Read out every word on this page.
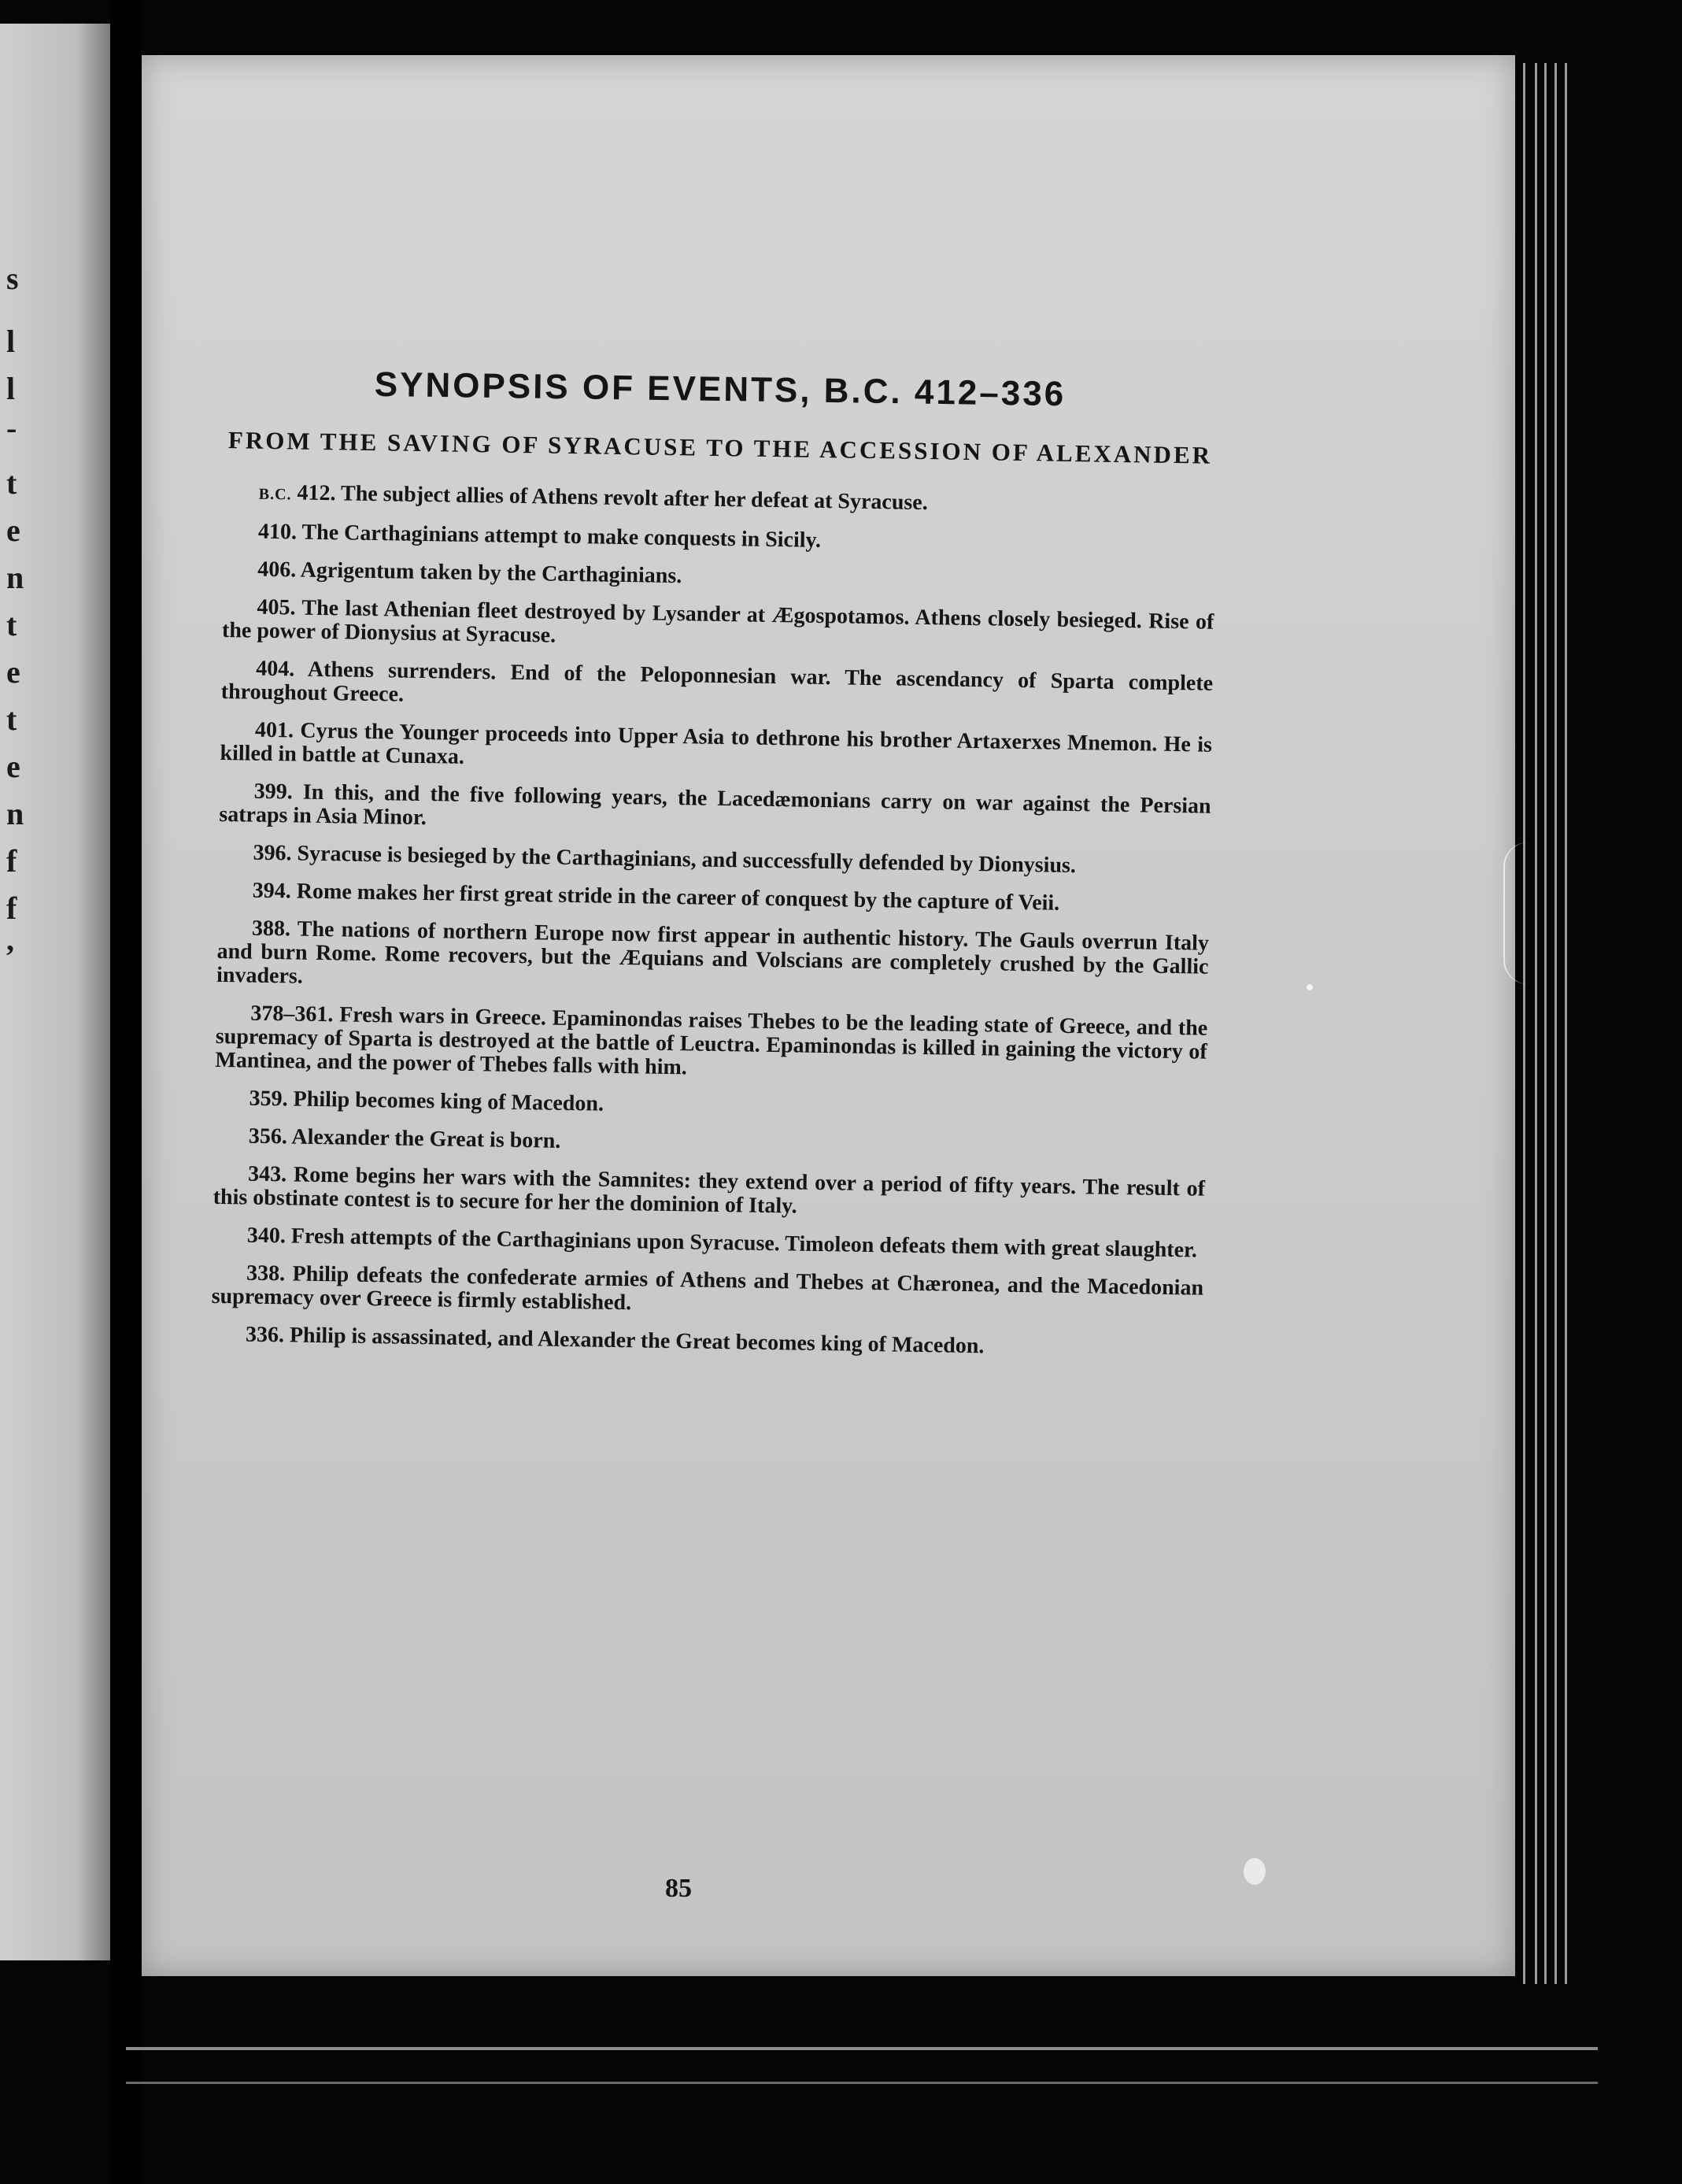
s
l
l
-
t
e
n
t
e
t
e
n
f
f
,
SYNOPSIS OF EVENTS, B.C. 412–336
FROM THE SAVING OF SYRACUSE TO THE ACCESSION OF ALEXANDER
B.C. 412. The subject allies of Athens revolt after her defeat at Syracuse.
410. The Carthaginians attempt to make conquests in Sicily.
406. Agrigentum taken by the Carthaginians.
405. The last Athenian fleet destroyed by Lysander at Ægospotamos. Athens closely besieged. Rise of the power of Dionysius at Syracuse.
404. Athens surrenders. End of the Peloponnesian war. The ascendancy of Sparta complete throughout Greece.
401. Cyrus the Younger proceeds into Upper Asia to dethrone his brother Artaxerxes Mnemon. He is killed in battle at Cunaxa.
399. In this, and the five following years, the Lacedæmonians carry on war against the Persian satraps in Asia Minor.
396. Syracuse is besieged by the Carthaginians, and successfully defended by Dionysius.
394. Rome makes her first great stride in the career of conquest by the capture of Veii.
388. The nations of northern Europe now first appear in authentic history. The Gauls overrun Italy and burn Rome. Rome recovers, but the Æquians and Volscians are completely crushed by the Gallic invaders.
378–361. Fresh wars in Greece. Epaminondas raises Thebes to be the leading state of Greece, and the supremacy of Sparta is destroyed at the battle of Leuctra. Epaminondas is killed in gaining the victory of Mantinea, and the power of Thebes falls with him.
359. Philip becomes king of Macedon.
356. Alexander the Great is born.
343. Rome begins her wars with the Samnites: they extend over a period of fifty years. The result of this obstinate contest is to secure for her the dominion of Italy.
340. Fresh attempts of the Carthaginians upon Syracuse. Timoleon defeats them with great slaughter.
338. Philip defeats the confederate armies of Athens and Thebes at Chæronea, and the Macedonian supremacy over Greece is firmly established.
336. Philip is assassinated, and Alexander the Great becomes king of Macedon.
85
